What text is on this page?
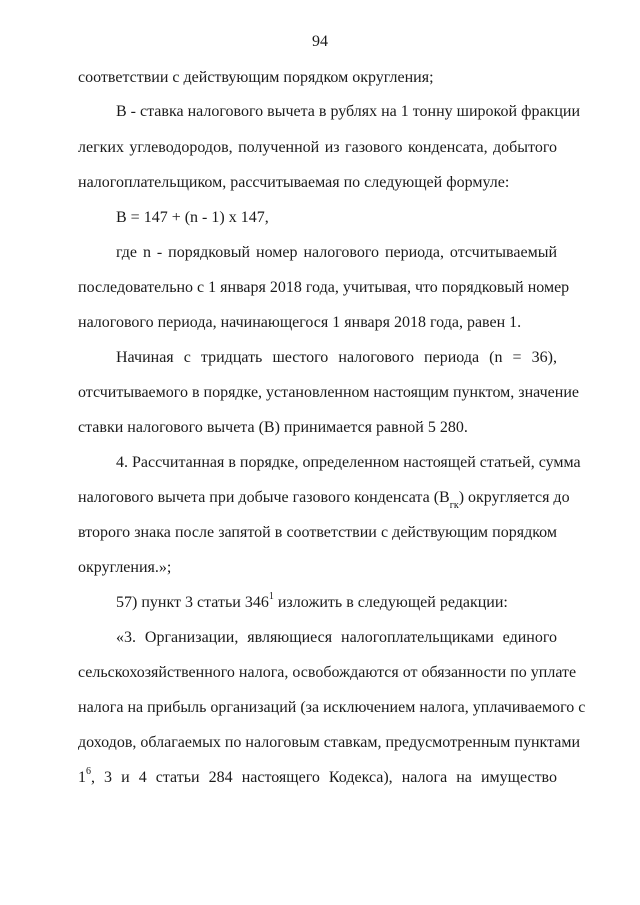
94
соответствии с действующим порядком округления;
В - ставка налогового вычета в рублях на 1 тонну широкой фракции
легких углеводородов, полученной из газового конденсата, добытого
налогоплательщиком, рассчитываемая по следующей формуле:
В = 147 + (n - 1) х 147,
где n - порядковый номер налогового периода, отсчитываемый
последовательно с 1 января 2018 года, учитывая, что порядковый номер
налогового периода, начинающегося 1 января 2018 года, равен 1.
Начиная с тридцать шестого налогового периода (n = 36),
отсчитываемого в порядке, установленном настоящим пунктом, значение
ставки налогового вычета (В) принимается равной 5 280.
4. Рассчитанная в порядке, определенном настоящей статьей, сумма
налогового вычета при добыче газового конденсата $(В_{гк})$ округляется до
второго знака после запятой в соответствии с действующим порядком
округления.»;
57) пункт 3 статьи $346^1$ изложить в следующей редакции:
«3. Организации, являющиеся налогоплательщиками единого
сельскохозяйственного налога, освобождаются от обязанности по уплате
налога на прибыль организаций (за исключением налога, уплачиваемого с
доходов, облагаемых по налоговым ставкам, предусмотренным пунктами
$1^6$, 3 и 4 статьи 284 настоящего Кодекса), налога на имущество
